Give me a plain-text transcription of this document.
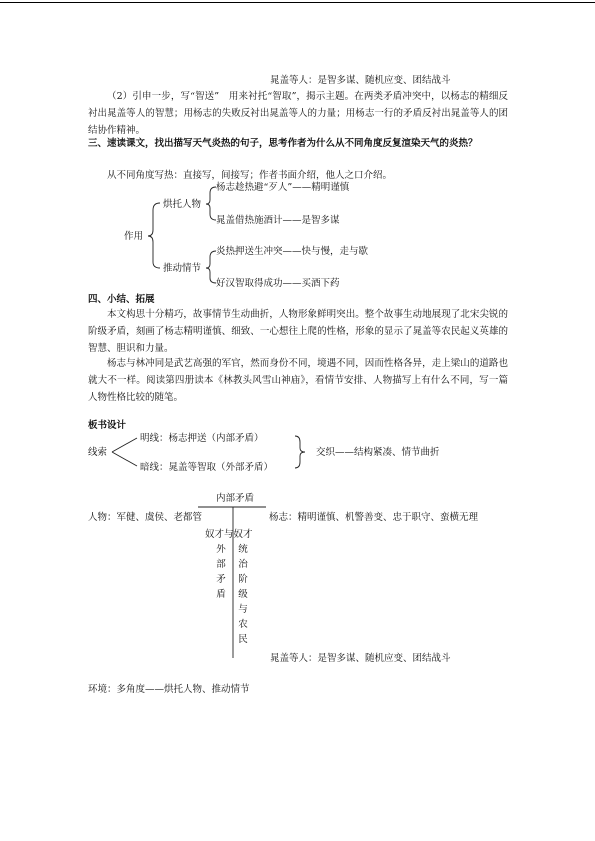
晁盖等人：是智多谋、随机应变、团结战斗
（2）引申一步，写“智送”　用来衬托“智取”，揭示主题。在两类矛盾冲突中，以杨志的精细反衬出晁盖等人的智慧；用杨志的失败反衬出晁盖等人的力量；用杨志一行的矛盾反衬出晁盖等人的团结协作精神。
三、速读课文，找出描写天气炎热的句子，思考作者为什么从不同角度反复渲染天气的炎热？
从不同角度写热：直接写，间接写；作者书面介绍，他人之口介绍。
作用
烘托人物
杨志趁热避“歹人”——精明谨慎
晁盖借热施酒计——是智多谋
推动情节
炎热押送生冲突——快与慢，走与歇
好汉智取得成功——买酒下药
四、小结、拓展
本文构思十分精巧，故事情节生动曲折，人物形象鲜明突出。整个故事生动地展现了北宋尖锐的阶级矛盾，刻画了杨志精明谨慎、细致、一心想往上爬的性格，形象的显示了晁盖等农民起义英雄的智慧、胆识和力量。
杨志与林冲同是武艺高强的军官，然而身份不同，境遇不同，因而性格各异，走上梁山的道路也就大不一样。阅读第四册读本《林教头风雪山神庙》，看情节安排、人物描写上有什么不同，写一篇人物性格比较的随笔。
板书设计
线索
明线：杨志押送（内部矛盾）
暗线：晁盖等智取（外部矛盾）
交织——结构紧凑、情节曲折
内部矛盾
人物：军健、虞侯、老都管	杨志：精明谨慎、机警善变、忠于职守、蛮横无理
奴才与奴才
外部矛盾
统治阶级与农民
晁盖等人：是智多谋、随机应变、团结战斗
环境：多角度——烘托人物、推动情节
